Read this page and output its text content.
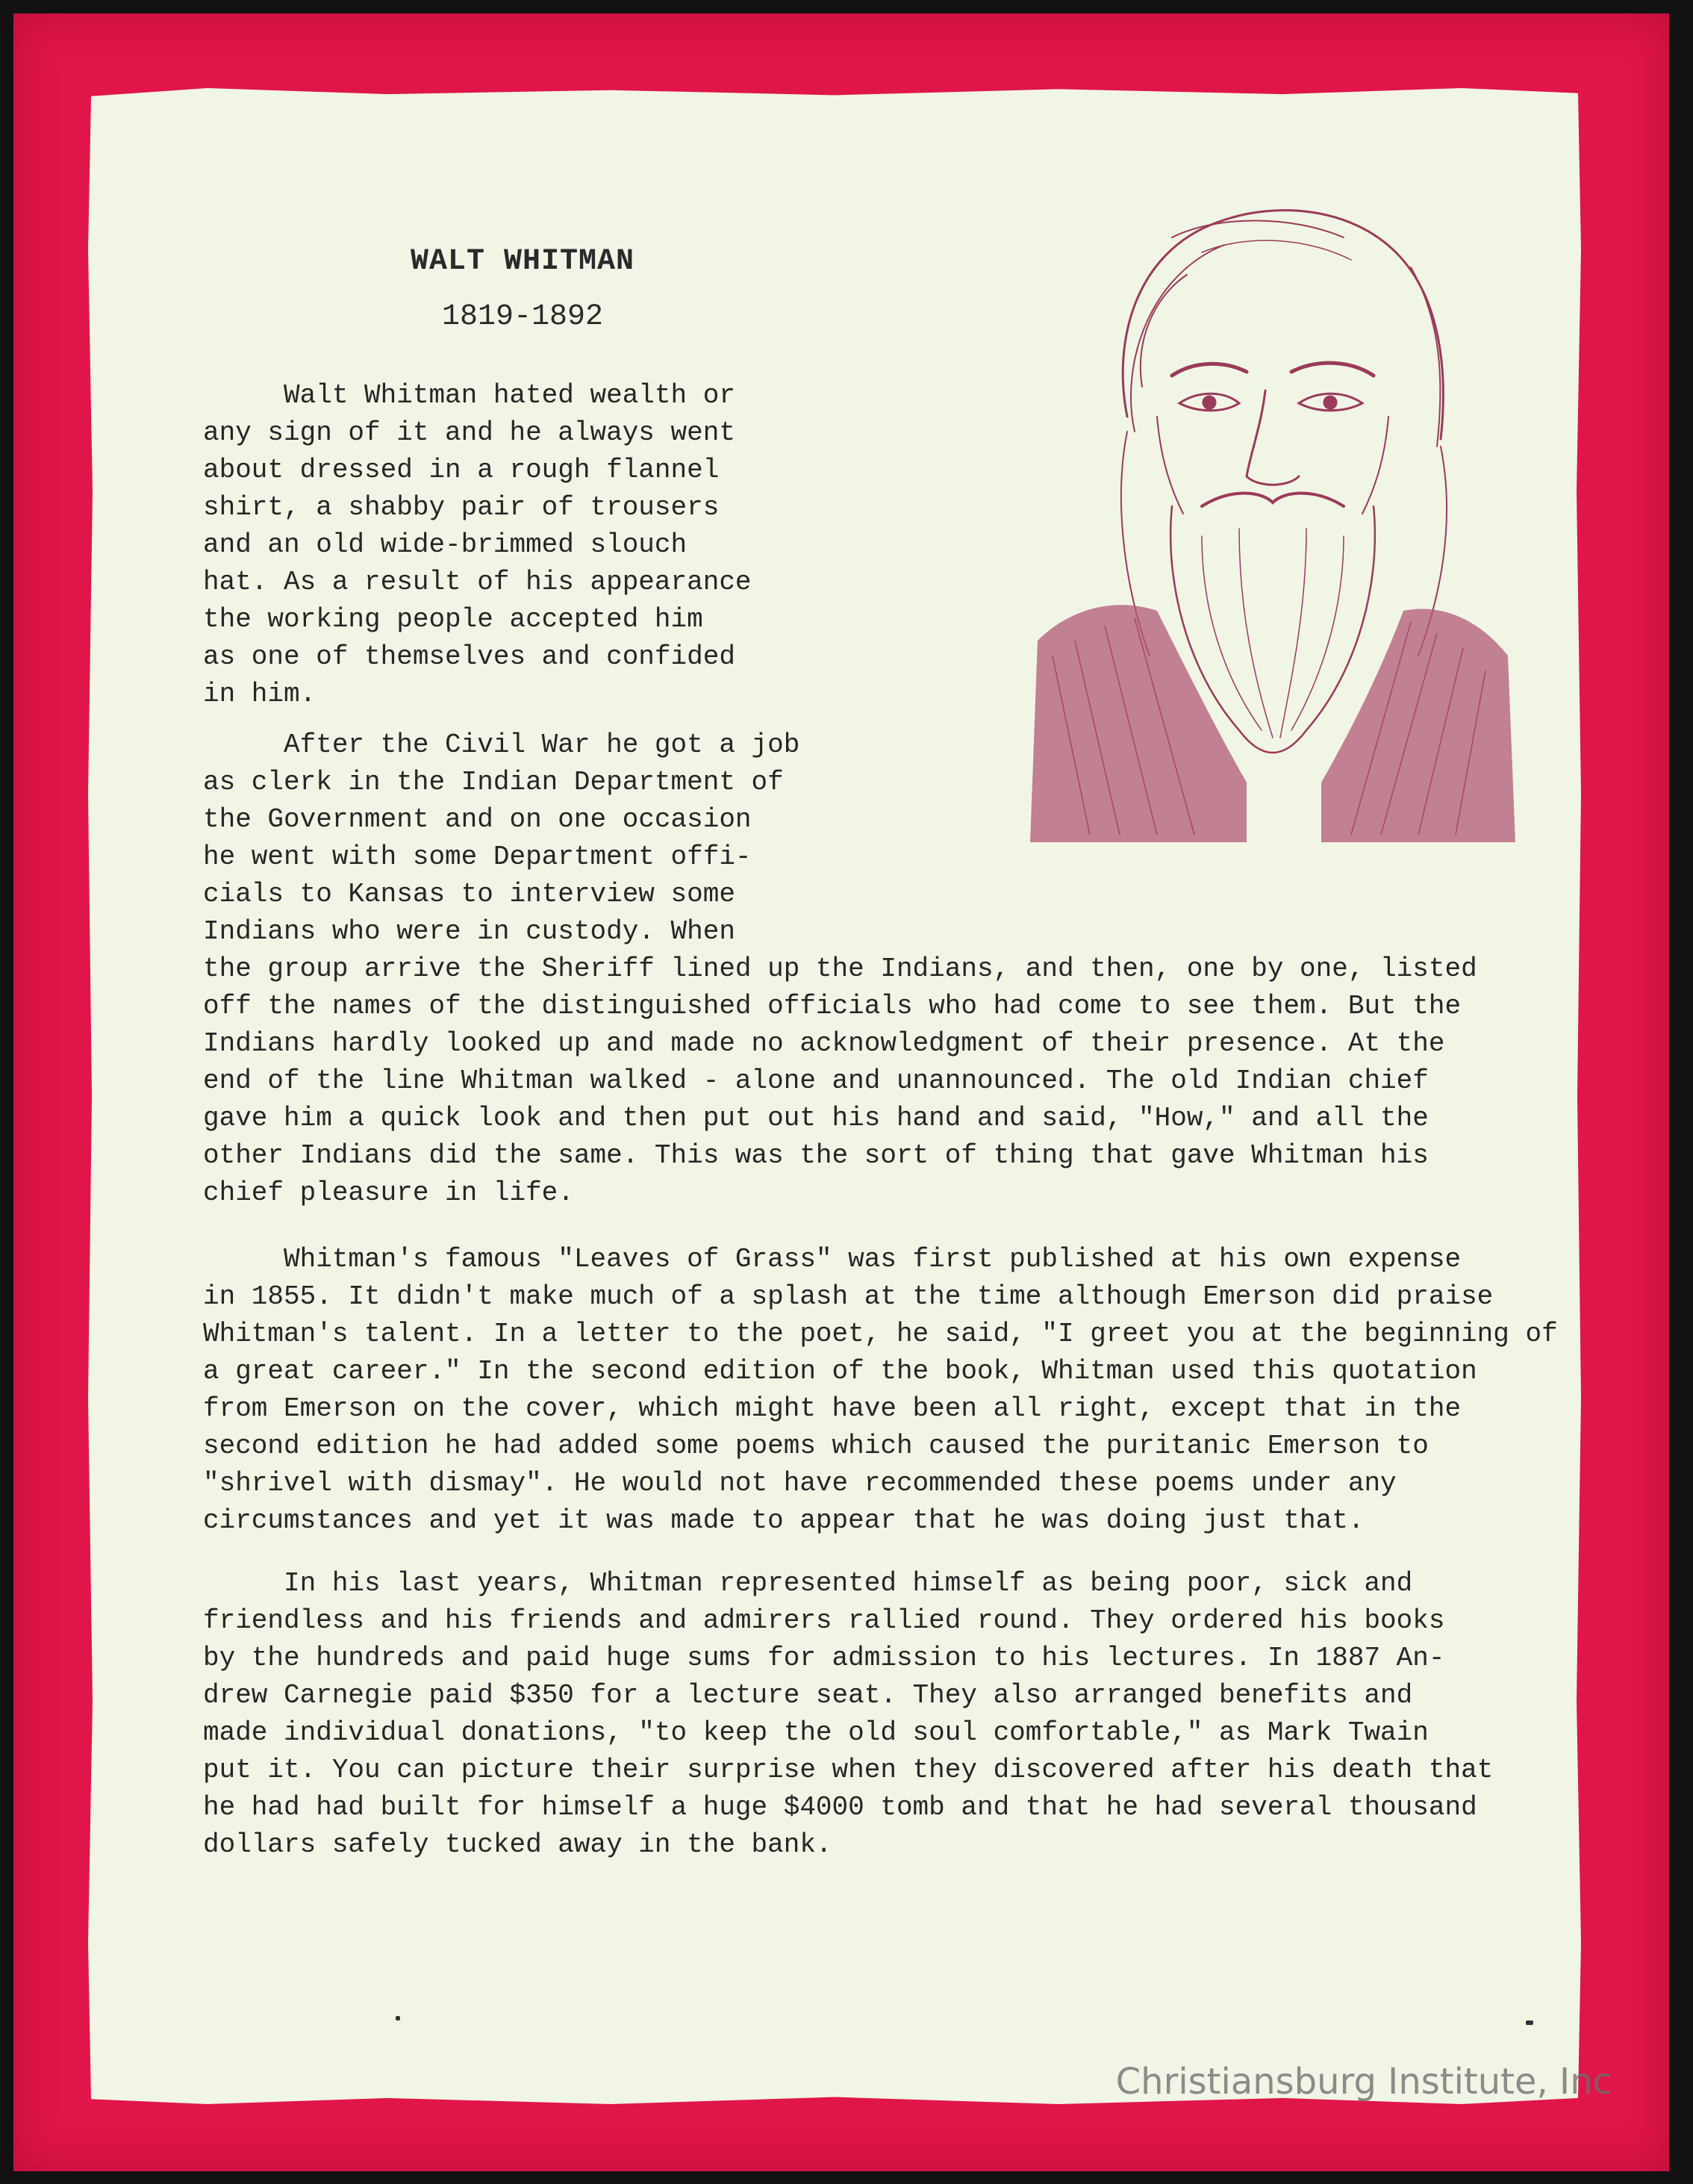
WALT WHITMAN
1819-1892

Walt Whitman hated wealth or
any sign of it and he always went
about dressed in a rough flannel
shirt, a shabby pair of trousers
and an old wide-brimmed slouch
hat. As a result of his appearance
the working people accepted him
as one of themselves and confided
in him.

After the Civil War he got a job
as clerk in the Indian Department of
the Government and on one occasion
he went with some Department offi-
cials to Kansas to interview some
Indians who were in custody. When
the group arrive the Sheriff lined up the Indians, and then, one by one, listed
off the names of the distinguished officials who had come to see them. But the
Indians hardly looked up and made no acknowledgment of their presence. At the
end of the line Whitman walked - alone and unannounced. The old Indian chief
gave him a quick look and then put out his hand and said, "How," and all the
other Indians did the same. This was the sort of thing that gave Whitman his
chief pleasure in life.

Whitman's famous "Leaves of Grass" was first published at his own expense
in 1855. It didn't make much of a splash at the time although Emerson did praise
Whitman's talent. In a letter to the poet, he said, "I greet you at the beginning of
a great career." In the second edition of the book, Whitman used this quotation
from Emerson on the cover, which might have been all right, except that in the
second edition he had added some poems which caused the puritanic Emerson to
"shrivel with dismay". He would not have recommended these poems under any
circumstances and yet it was made to appear that he was doing just that.

In his last years, Whitman represented himself as being poor, sick and
friendless and his friends and admirers rallied round. They ordered his books
by the hundreds and paid huge sums for admission to his lectures. In 1887 An-
drew Carnegie paid $350 for a lecture seat. They also arranged benefits and
made individual donations, "to keep the old soul comfortable," as Mark Twain
put it. You can picture their surprise when they discovered after his death that
he had had built for himself a huge $4000 tomb and that he had several thousand
dollars safely tucked away in the bank.

Christiansburg Institute, Inc
